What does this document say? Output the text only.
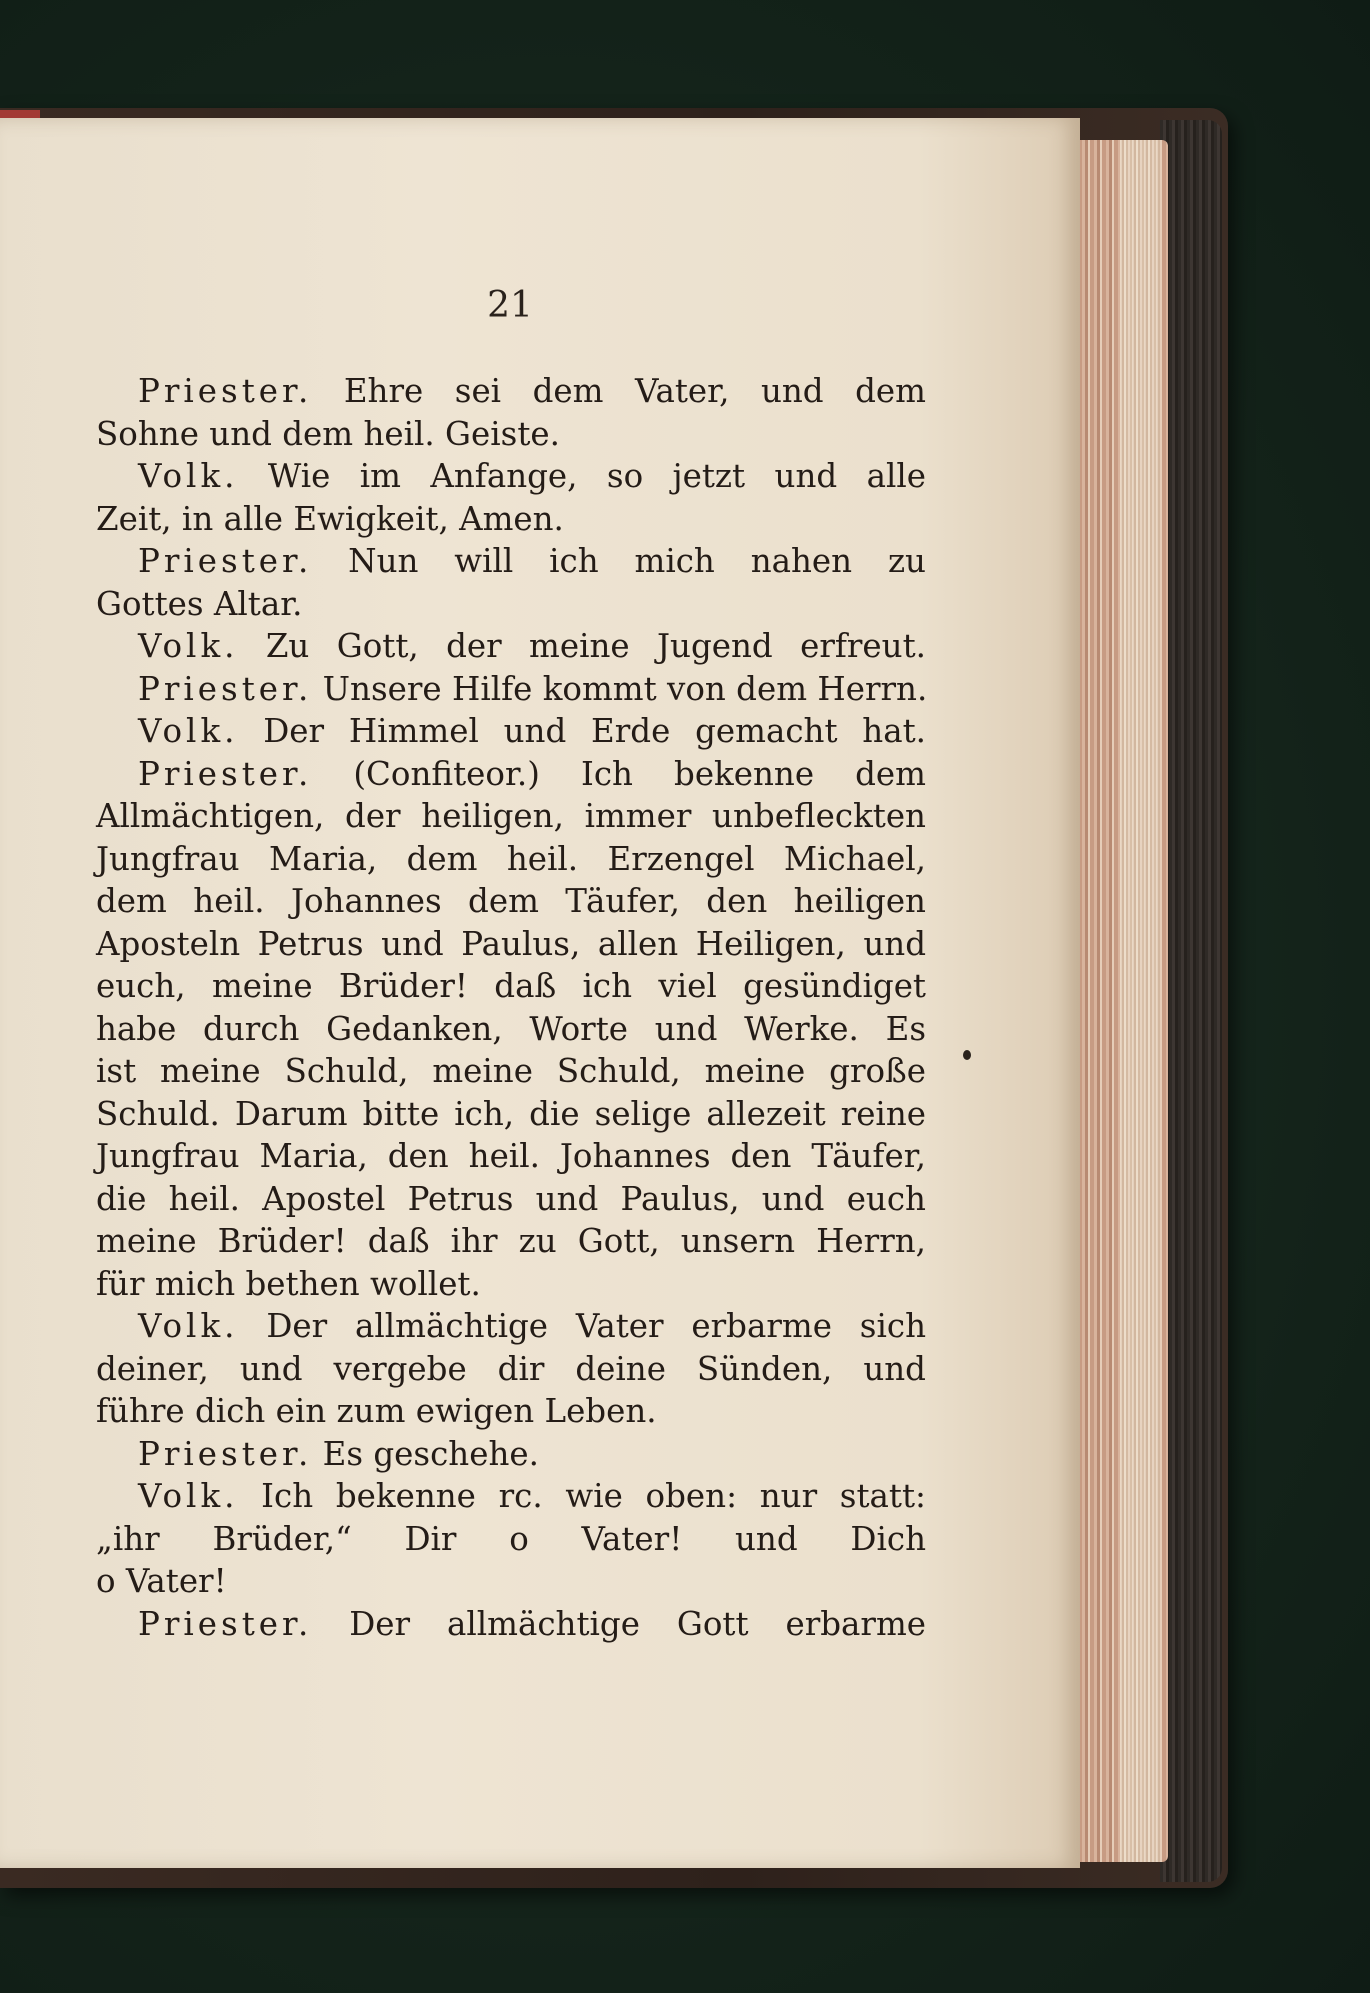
21
Priester. Ehre sei dem Vater, und dem
Sohne und dem heil. Geiste.
Volk. Wie im Anfange, so jetzt und alle
Zeit, in alle Ewigkeit, Amen.
Priester. Nun will ich mich nahen zu
Gottes Altar.
Volk. Zu Gott, der meine Jugend erfreut.
Priester. Unsere Hilfe kommt von dem Herrn.
Volk. Der Himmel und Erde gemacht hat.
Priester. (Confiteor.) Ich bekenne dem
Allmächtigen, der heiligen, immer unbefleckten
Jungfrau Maria, dem heil. Erzengel Michael,
dem heil. Johannes dem Täufer, den heiligen
Aposteln Petrus und Paulus, allen Heiligen, und
euch, meine Brüder! daß ich viel gesündiget
habe durch Gedanken, Worte und Werke. Es
ist meine Schuld, meine Schuld, meine große
Schuld. Darum bitte ich, die selige allezeit reine
Jungfrau Maria, den heil. Johannes den Täufer,
die heil. Apostel Petrus und Paulus, und euch
meine Brüder! daß ihr zu Gott, unsern Herrn,
für mich bethen wollet.
Volk. Der allmächtige Vater erbarme sich
deiner, und vergebe dir deine Sünden, und
führe dich ein zum ewigen Leben.
Priester. Es geschehe.
Volk. Ich bekenne rc. wie oben: nur statt:
„ihr Brüder,“ Dir o Vater! und Dich
o Vater!
Priester. Der allmächtige Gott erbarme
